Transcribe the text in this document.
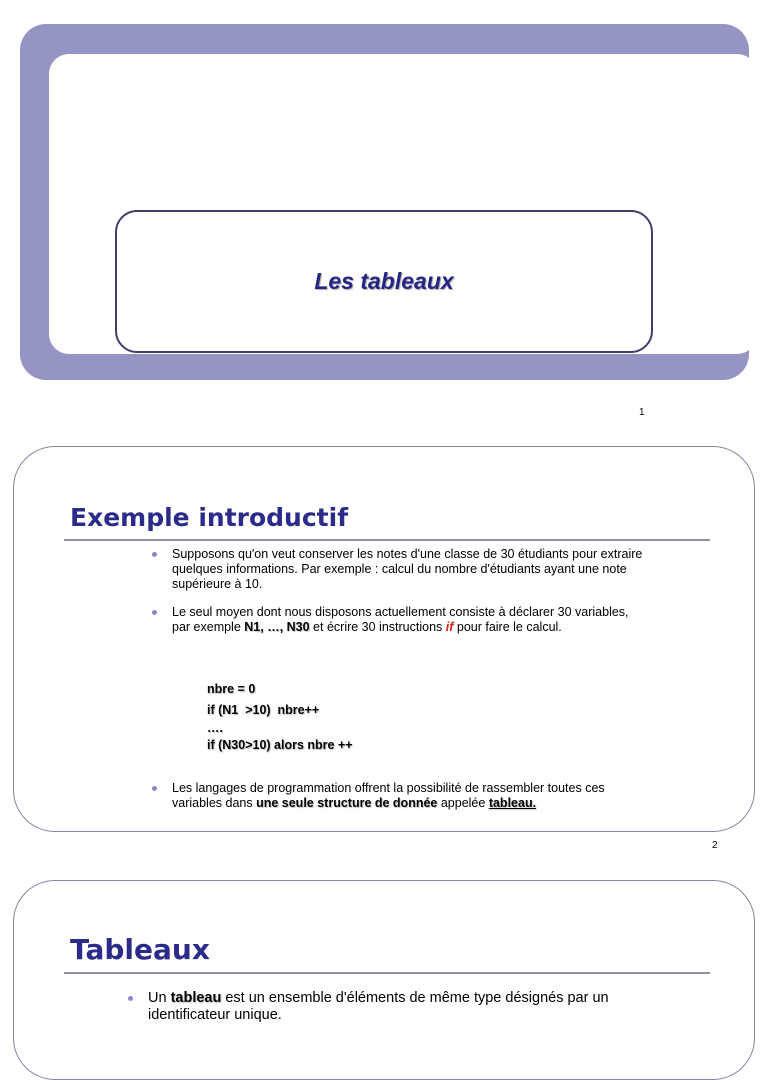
Les tableaux
1
Exemple introductif
Supposons qu'on veut conserver les notes d'une classe de 30 étudiants pour extraire quelques informations. Par exemple : calcul du nombre d'étudiants ayant une note supérieure à 10.
Le seul moyen dont nous disposons actuellement consiste à déclarer 30 variables, par exemple N1, …, N30 et écrire 30 instructions if pour faire le calcul.
nbre = 0
if (N1  >10)  nbre++
….
if (N30>10) alors nbre ++
Les langages de programmation offrent la possibilité de rassembler toutes ces variables dans une seule structure de donnée appelée tableau.
2
Tableaux
Un tableau est un ensemble d'éléments de même type désignés par un identificateur unique.
